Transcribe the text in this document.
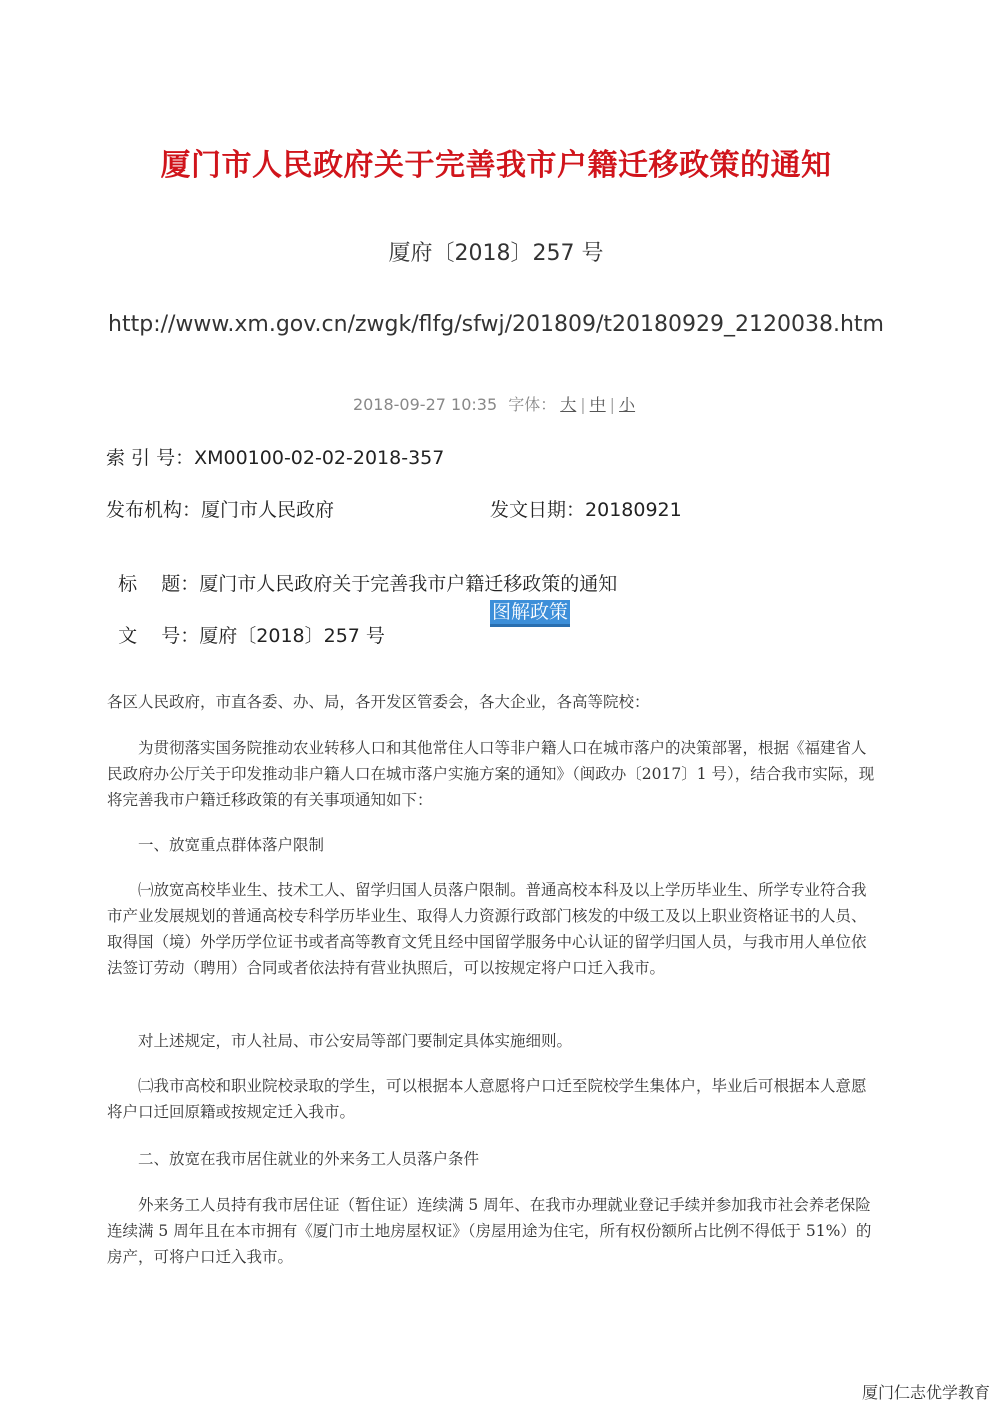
厦门市人民政府关于完善我市户籍迁移政策的通知
厦府〔2018〕257 号
http://www.xm.gov.cn/zwgk/flfg/sfwj/201809/t20180929_2120038.htm
2018-09-27 10:35 字体： 大 | 中 | 小
索 引 号：XM00100-02-02-2018-357
发布机构：厦门市人民政府	发文日期：20180921

标    题：厦门市人民政府关于完善我市户籍迁移政策的通知

文    号：厦府〔2018〕257 号

图解政策
各区人民政府，市直各委、办、局，各开发区管委会，各大企业，各高等院校：
为贯彻落实国务院推动农业转移人口和其他常住人口等非户籍人口在城市落户的决策部署，根据《福建省人民政府办公厅关于印发推动非户籍人口在城市落户实施方案的通知》（闽政办〔2017〕1 号），结合我市实际，现将完善我市户籍迁移政策的有关事项通知如下：
一、放宽重点群体落户限制
㈠放宽高校毕业生、技术工人、留学归国人员落户限制。普通高校本科及以上学历毕业生、所学专业符合我市产业发展规划的普通高校专科学历毕业生、取得人力资源行政部门核发的中级工及以上职业资格证书的人员、取得国（境）外学历学位证书或者高等教育文凭且经中国留学服务中心认证的留学归国人员，与我市用人单位依法签订劳动（聘用）合同或者依法持有营业执照后，可以按规定将户口迁入我市。
对上述规定，市人社局、市公安局等部门要制定具体实施细则。
㈡我市高校和职业院校录取的学生，可以根据本人意愿将户口迁至院校学生集体户，毕业后可根据本人意愿将户口迁回原籍或按规定迁入我市。
二、放宽在我市居住就业的外来务工人员落户条件
外来务工人员持有我市居住证（暂住证）连续满 5 周年、在我市办理就业登记手续并参加我市社会养老保险连续满 5 周年且在本市拥有《厦门市土地房屋权证》（房屋用途为住宅，所有权份额所占比例不得低于 51%）的房产，可将户口迁入我市。
厦门仁志优学教育
